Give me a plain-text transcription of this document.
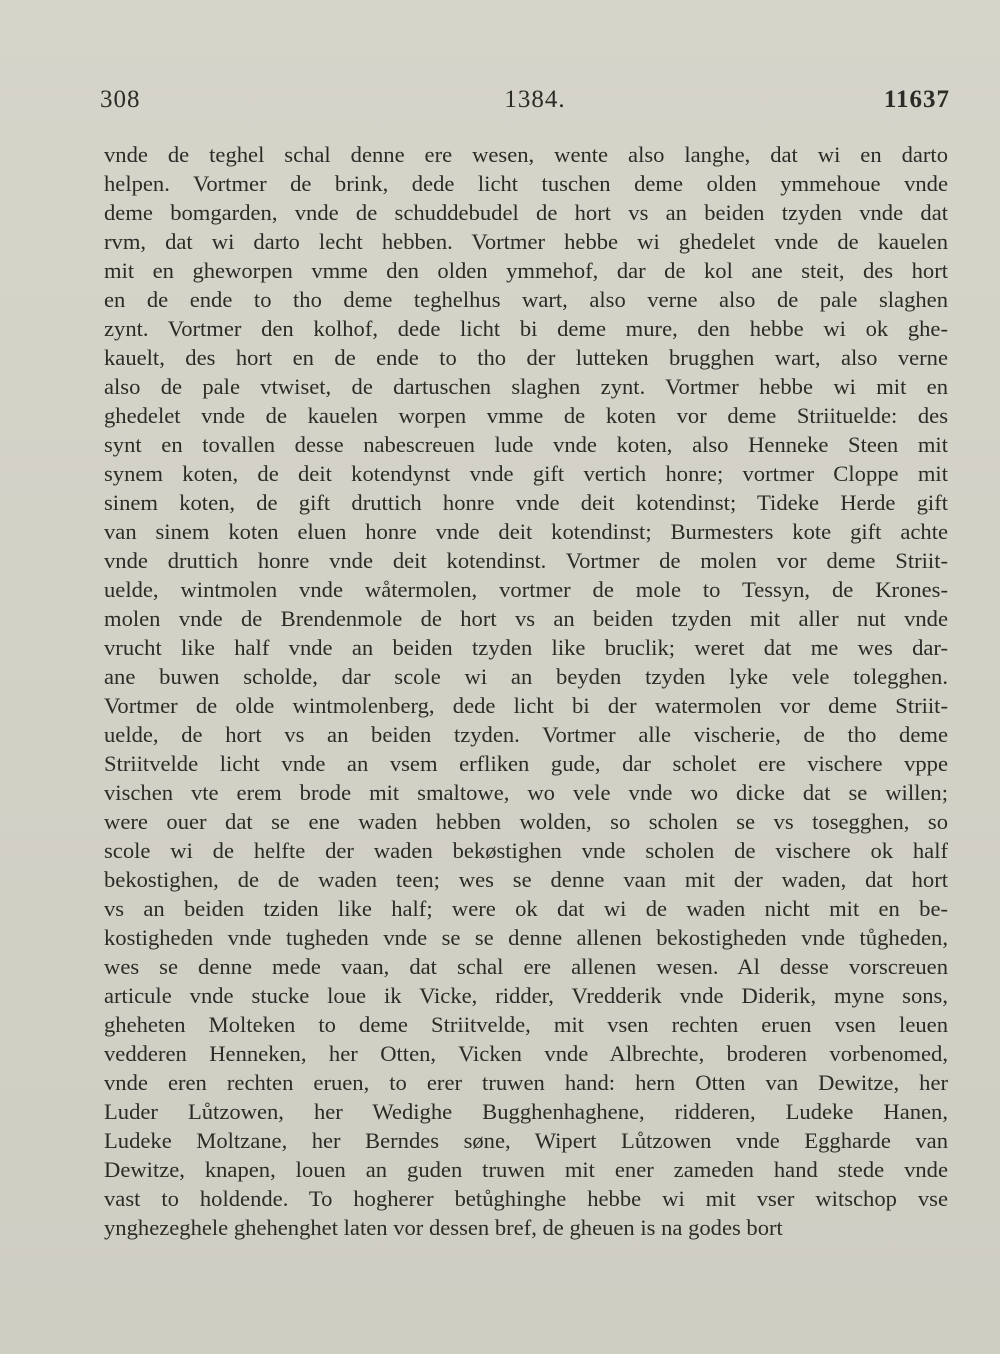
308	1384.	11637
vnde de teghel schal denne ere wesen, wente also langhe, dat wi en darto
helpen. Vortmer de brink, dede licht tuschen deme olden ymmehoue vnde
deme bomgarden, vnde de schuddebudel de hort vs an beiden tzyden vnde dat
rvm, dat wi darto lecht hebben. Vortmer hebbe wi ghedelet vnde de kauelen
mit en gheworpen vmme den olden ymmehof, dar de kol ane steit, des hort
en de ende to tho deme teghelhus wart, also verne also de pale slaghen
zynt. Vortmer den kolhof, dede licht bi deme mure, den hebbe wi ok ghe-
kauelt, des hort en de ende to tho der lutteken brugghen wart, also verne
also de pale vtwiset, de dartuschen slaghen zynt. Vortmer hebbe wi mit en
ghedelet vnde de kauelen worpen vmme de koten vor deme Striituelde: des
synt en tovallen desse nabescreuen lude vnde koten, also Henneke Steen mit
synem koten, de deit kotendynst vnde gift vertich honre; vortmer Cloppe mit
sinem koten, de gift druttich honre vnde deit kotendinst; Tideke Herde gift
van sinem koten eluen honre vnde deit kotendinst; Burmesters kote gift achte
vnde druttich honre vnde deit kotendinst. Vortmer de molen vor deme Striit-
uelde, wintmolen vnde wåtermolen, vortmer de mole to Tessyn, de Krones-
molen vnde de Brendenmole de hort vs an beiden tzyden mit aller nut vnde
vrucht like half vnde an beiden tzyden like bruclik; weret dat me wes dar-
ane buwen scholde, dar scole wi an beyden tzyden lyke vele tolegghen.
Vortmer de olde wintmolenberg, dede licht bi der watermolen vor deme Striit-
uelde, de hort vs an beiden tzyden. Vortmer alle vischerie, de tho deme
Striitvelde licht vnde an vsem erfliken gude, dar scholet ere vischere vppe
vischen vte erem brode mit smaltowe, wo vele vnde wo dicke dat se willen;
were ouer dat se ene waden hebben wolden, so scholen se vs tosegghen, so
scole wi de helfte der waden bekøstighen vnde scholen de vischere ok half
bekostighen, de de waden teen; wes se denne vaan mit der waden, dat hort
vs an beiden tziden like half; were ok dat wi de waden nicht mit en be-
kostigheden vnde tugheden vnde se se denne allenen bekostigheden vnde tůgheden,
wes se denne mede vaan, dat schal ere allenen wesen. Al desse vorscreuen
articule vnde stucke loue ik Vicke, ridder, Vredderik vnde Diderik, myne sons,
gheheten Molteken to deme Striitvelde, mit vsen rechten eruen vsen leuen
vedderen Henneken, her Otten, Vicken vnde Albrechte, broderen vorbenomed,
vnde eren rechten eruen, to erer truwen hand: hern Otten van Dewitze, her
Luder Lůtzowen, her Wedighe Bugghenhaghene, ridderen, Ludeke Hanen,
Ludeke Moltzane, her Berndes søne, Wipert Lůtzowen vnde Eggharde van
Dewitze, knapen, louen an guden truwen mit ener zameden hand stede vnde
vast to holdende. To hogherer betůghinghe hebbe wi mit vser witschop vse
ynghezeghele ghehenghet laten vor dessen bref, de gheuen is na godes bort
